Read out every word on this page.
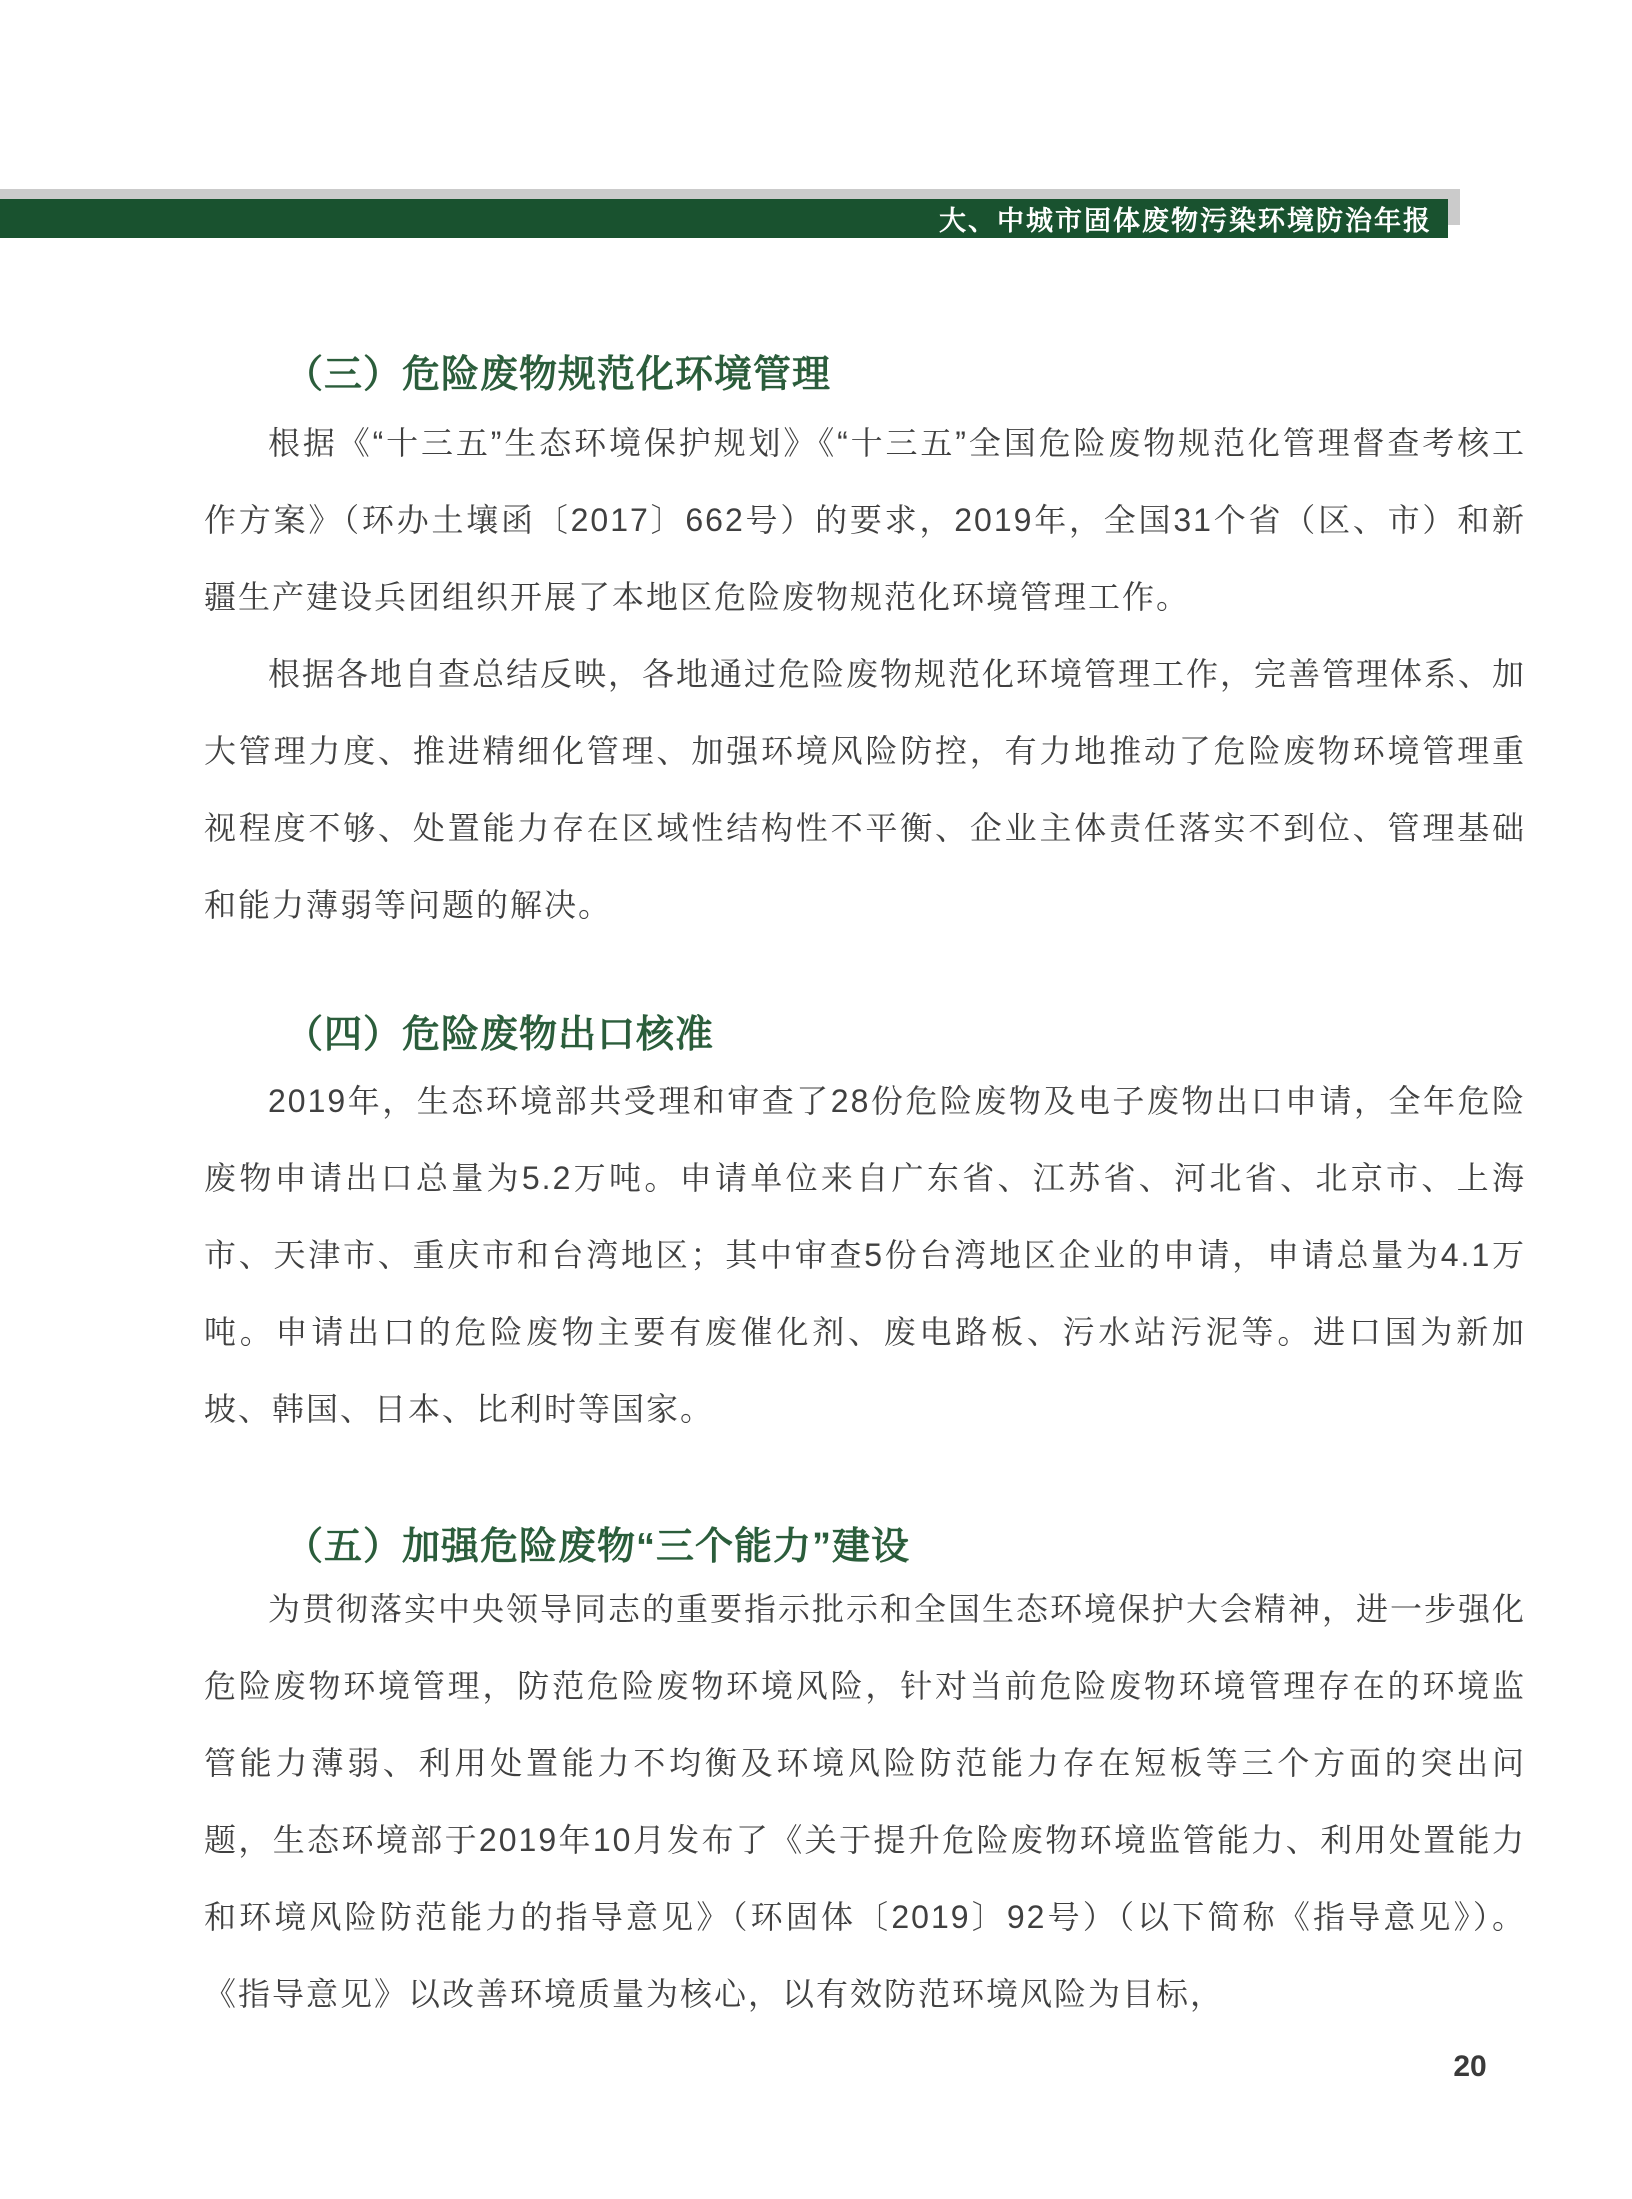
大、中城市固体废物污染环境防治年报
（三）危险废物规范化环境管理

根据《“十三五”生态环境保护规划》《“十三五”全国危险废物规范化管理督查考核工作方案》（环办土壤函〔2017〕662号）的要求，2019年，全国31个省（区、市）和新疆生产建设兵团组织开展了本地区危险废物规范化环境管理工作。

根据各地自查总结反映，各地通过危险废物规范化环境管理工作，完善管理体系、加大管理力度、推进精细化管理、加强环境风险防控，有力地推动了危险废物环境管理重视程度不够、处置能力存在区域性结构性不平衡、企业主体责任落实不到位、管理基础和能力薄弱等问题的解决。

（四）危险废物出口核准

2019年，生态环境部共受理和审查了28份危险废物及电子废物出口申请，全年危险废物申请出口总量为5.2万吨。申请单位来自广东省、江苏省、河北省、北京市、上海市、天津市、重庆市和台湾地区；其中审查5份台湾地区企业的申请，申请总量为4.1万吨。申请出口的危险废物主要有废催化剂、废电路板、污水站污泥等。进口国为新加坡、韩国、日本、比利时等国家。

（五）加强危险废物“三个能力”建设

为贯彻落实中央领导同志的重要指示批示和全国生态环境保护大会精神，进一步强化危险废物环境管理，防范危险废物环境风险，针对当前危险废物环境管理存在的环境监管能力薄弱、利用处置能力不均衡及环境风险防范能力存在短板等三个方面的突出问题，生态环境部于2019年10月发布了《关于提升危险废物环境监管能力、利用处置能力和环境风险防范能力的指导意见》（环固体〔2019〕92号）（以下简称《指导意见》）。《指导意见》以改善环境质量为核心，以有效防范环境风险为目标，

20
